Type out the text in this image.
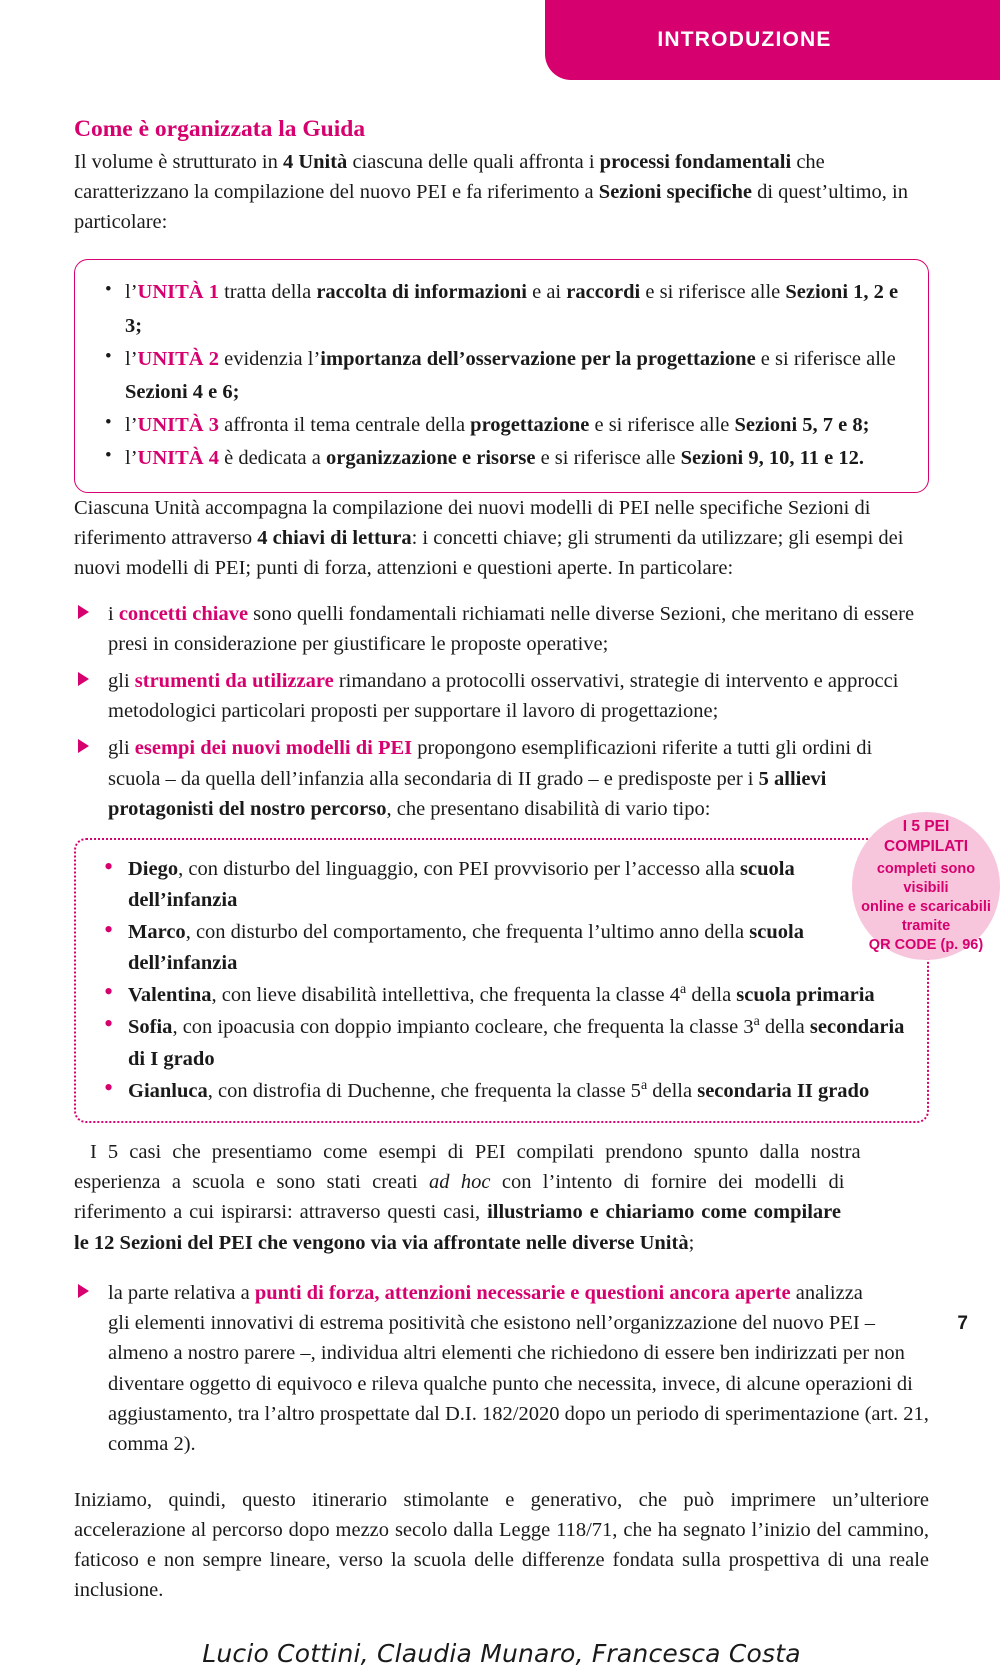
INTRODUZIONE
Come è organizzata la Guida

Il volume è strutturato in 4 Unità ciascuna delle quali affronta i processi fondamentali che caratterizzano la compilazione del nuovo PEI e fa riferimento a Sezioni specifiche di quest’ultimo, in particolare:

• l’UNITÀ 1 tratta della raccolta di informazioni e ai raccordi e si riferisce alle Sezioni 1, 2 e 3;
• l’UNITÀ 2 evidenzia l’importanza dell’osservazione per la progettazione e si riferisce alle Sezioni 4 e 6;
• l’UNITÀ 3 affronta il tema centrale della progettazione e si riferisce alle Sezioni 5, 7 e 8;
• l’UNITÀ 4 è dedicata a organizzazione e risorse e si riferisce alle Sezioni 9, 10, 11 e 12.

Ciascuna Unità accompagna la compilazione dei nuovi modelli di PEI nelle specifiche Sezioni di riferimento attraverso 4 chiavi di lettura: i concetti chiave; gli strumenti da utilizzare; gli esempi dei nuovi modelli di PEI; punti di forza, attenzioni e questioni aperte. In particolare:

i concetti chiave sono quelli fondamentali richiamati nelle diverse Sezioni, che meritano di essere presi in considerazione per giustificare le proposte operative;
gli strumenti da utilizzare rimandano a protocolli osservativi, strategie di intervento e approcci metodologici particolari proposti per supportare il lavoro di progettazione;
gli esempi dei nuovi modelli di PEI propongono esemplificazioni riferite a tutti gli ordini di scuola – da quella dell’infanzia alla secondaria di II grado – e predisposte per i 5 allievi protagonisti del nostro percorso, che presentano disabilità di vario tipo:
• Diego, con disturbo del linguaggio, con PEI provvisorio per l’accesso alla scuola dell’infanzia
• Marco, con disturbo del comportamento, che frequenta l’ultimo anno della scuola dell’infanzia
• Valentina, con lieve disabilità intellettiva, che frequenta la classe 4$^a$ della scuola primaria
• Sofia, con ipoacusia con doppio impianto cocleare, che frequenta la classe 3$^a$ della secondaria di I grado
• Gianluca, con distrofia di Duchenne, che frequenta la classe 5$^a$ della secondaria II grado

I 5 casi che presentiamo come esempi di PEI compilati prendono spunto dalla nostra esperienza a scuola e sono stati creati ad hoc con l’intento di fornire dei modelli di riferimento a cui ispirarsi: attraverso questi casi, illustriamo e chiariamo come compilare le 12 Sezioni del PEI che vengono via via affrontate nelle diverse Unità;

la parte relativa a punti di forza, attenzioni necessarie e questioni ancora aperte analizza gli elementi innovativi di estrema positività che esistono nell’organizzazione del nuovo PEI – almeno a nostro parere –, individua altri elementi che richiedono di essere ben indirizzati per non diventare oggetto di equivoco e rileva qualche punto che necessita, invece, di alcune operazioni di aggiustamento, tra l’altro prospettate dal D.I. 182/2020 dopo un periodo di sperimentazione (art. 21, comma 2).

Iniziamo, quindi, questo itinerario stimolante e generativo, che può imprimere un’ulteriore accelerazione al percorso dopo mezzo secolo dalla Legge 118/71, che ha segnato l’inizio del cammino, faticoso e non sempre lineare, verso la scuola delle differenze fondata sulla prospettiva di una reale inclusione.

Lucio Cottini, Claudia Munaro, Francesca Costa
I 5 PEI
COMPILATI
completi sono visibili
online e scaricabili
tramite
QR CODE (p. 96)
7
